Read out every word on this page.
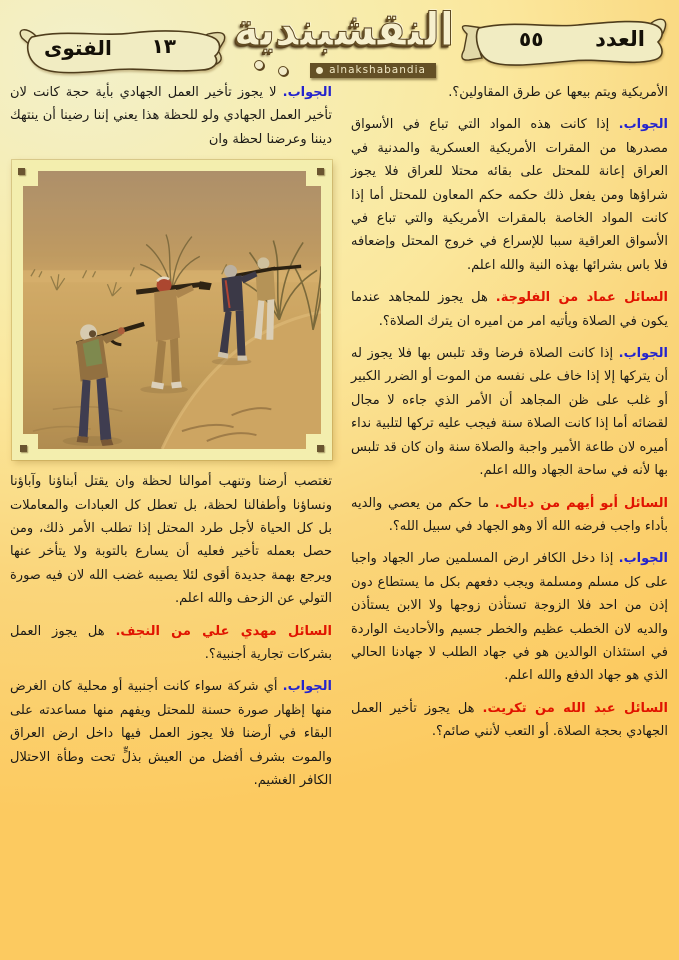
العدد
٥٥
النقشبندية
alnakshabandia
١٣
الفتوى

الأمريكية ويتم بيعها عن طرق المقاولين؟.

الجواب. إذا كانت هذه المواد التي تباع في الأسواق مصدرها من المقرات الأمريكية العسكرية والمدنية في العراق إعانة للمحتل على بقائه محتلا للعراق فلا يجوز شراؤها ومن يفعل ذلك حكمه حكم المعاون للمحتل أما إذا كانت المواد الخاصة بالمقرات الأمريكية والتي تباع في الأسواق العراقية سببا للإسراع في خروج المحتل وإضعافه فلا باس بشرائها بهذه النية والله اعلم.

السائل عماد من الفلوجة. هل يجوز للمجاهد عندما يكون في الصلاة ويأتيه امر من اميره ان يترك الصلاة؟.

الجواب. إذا كانت الصلاة فرضا وقد تلبس بها فلا يجوز له أن يتركها إلا إذا خاف على نفسه من الموت أو الضرر الكبير أو غلب على ظن المجاهد أن الأمر الذي جاءه لا مجال لقضائه أما إذا كانت الصلاة سنة فيجب عليه تركها لتلبية نداء أميره لان طاعة الأمير واجبة والصلاة سنة وان كان قد تلبس بها لأنه في ساحة الجهاد والله اعلم.

السائل أبو أيهم من ديالى. ما حكم من يعصي والديه بأداء واجب فرضه الله ألا وهو الجهاد في سبيل الله؟.

الجواب. إذا دخل الكافر ارض المسلمين صار الجهاد واجبا على كل مسلم ومسلمة ويجب دفعهم بكل ما يستطاع دون إذن من احد فلا الزوجة تستأذن زوجها ولا الابن يستأذن والديه لان الخطب عظيم والخطر جسيم والأحاديث الواردة في استئذان الوالدين هو في جهاد الطلب لا جهادنا الحالي الذي هو جهاد الدفع والله اعلم.

السائل عبد الله من تكريت. هل يجوز تأخير العمل الجهادي بحجة الصلاة. أو التعب لأنني صائم؟.

الجواب. لا يجوز تأخير العمل الجهادي بأية حجة كانت لان تأخير العمل الجهادي ولو للحظة هذا يعني إننا رضينا أن ينتهك ديننا وعرضنا لحظة وان

تغتصب أرضنا وتنهب أموالنا لحظة وان يقتل أبناؤنا وآباؤنا ونساؤنا وأطفالنا لحظة، بل تعطل كل العبادات والمعاملات بل كل الحياة لأجل طرد المحتل إذا تطلب الأمر ذلك، ومن حصل بعمله تأخير فعليه أن يسارع بالتوبة ولا يتأخر عنها ويرجع بهمة جديدة أقوى لئلا يصيبه غضب الله لان فيه صورة التولي عن الزحف والله اعلم.

السائل مهدي علي من النجف. هل يجوز العمل بشركات تجارية أجنبية؟.

الجواب. أي شركة سواء كانت أجنبية أو محلية كان الغرض منها إظهار صورة حسنة للمحتل ويفهم منها مساعدته على البقاء في أرضنا فلا يجوز العمل فيها داخل ارض العراق والموت بشرف أفضل من العيش بذلٍّ تحت وطأة الاحتلال الكافر الغشيم.
